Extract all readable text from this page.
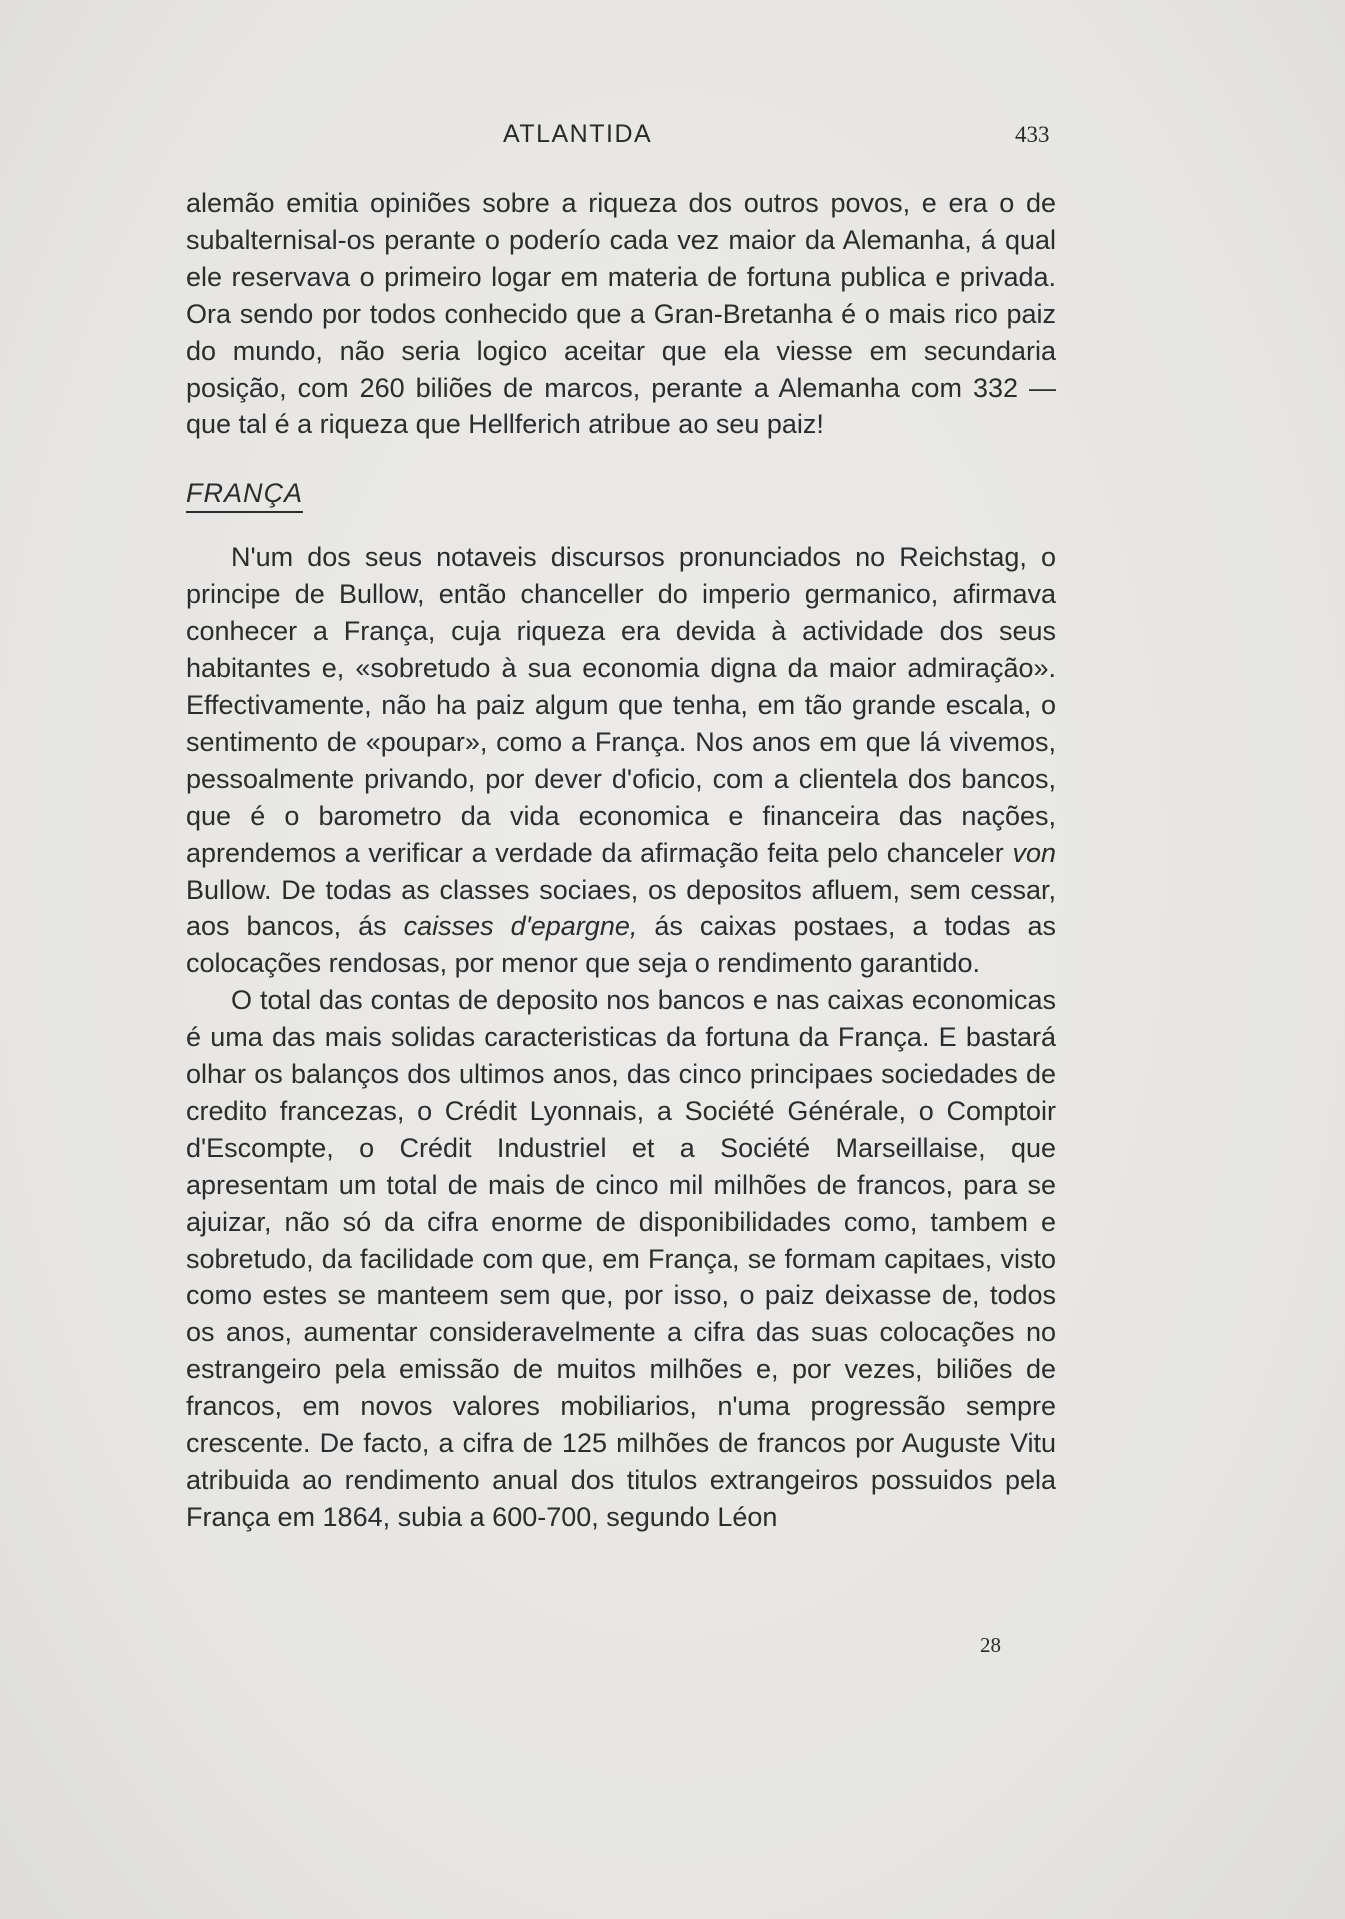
ATLANTIDA	433

alemão emitia opiniões sobre a riqueza dos outros povos, e era o de subalternisal-os perante o poderío cada vez maior da Alemanha, á qual ele reservava o primeiro logar em materia de fortuna publica e privada. Ora sendo por todos conhecido que a Gran-Bretanha é o mais rico paiz do mundo, não seria logico aceitar que ela viesse em secundaria posição, com 260 biliões de marcos, perante a Alemanha com 332 — que tal é a riqueza que Hellferich atribue ao seu paiz!

FRANÇA

N'um dos seus notaveis discursos pronunciados no Reichstag, o principe de Bullow, então chanceller do imperio germanico, afirmava conhecer a França, cuja riqueza era devida à actividade dos seus habitantes e, «sobretudo à sua economia digna da maior admiração». Effectivamente, não ha paiz algum que tenha, em tão grande escala, o sentimento de «poupar», como a França. Nos anos em que lá vivemos, pessoalmente privando, por dever d'oficio, com a clientela dos bancos, que é o barometro da vida economica e financeira das nações, aprendemos a verificar a verdade da afirmação feita pelo chanceler von Bullow. De todas as classes sociaes, os depositos afluem, sem cessar, aos bancos, ás caisses d'epargne, ás caixas postaes, a todas as colocações rendosas, por menor que seja o rendimento garantido.

O total das contas de deposito nos bancos e nas caixas economicas é uma das mais solidas caracteristicas da fortuna da França. E bastará olhar os balanços dos ultimos anos, das cinco principaes sociedades de credito francezas, o Crédit Lyonnais, a Société Générale, o Comptoir d'Escompte, o Crédit Industriel et a Société Marseillaise, que apresentam um total de mais de cinco mil milhões de francos, para se ajuizar, não só da cifra enorme de disponibilidades como, tambem e sobretudo, da facilidade com que, em França, se formam capitaes, visto como estes se manteem sem que, por isso, o paiz deixasse de, todos os anos, aumentar consideravelmente a cifra das suas colocações no estrangeiro pela emissão de muitos milhões e, por vezes, biliões de francos, em novos valores mobiliarios, n'uma progressão sempre crescente. De facto, a cifra de 125 milhões de francos por Auguste Vitu atribuida ao rendimento anual dos titulos extrangeiros possuidos pela França em 1864, subia a 600-700, segundo Léon

28
